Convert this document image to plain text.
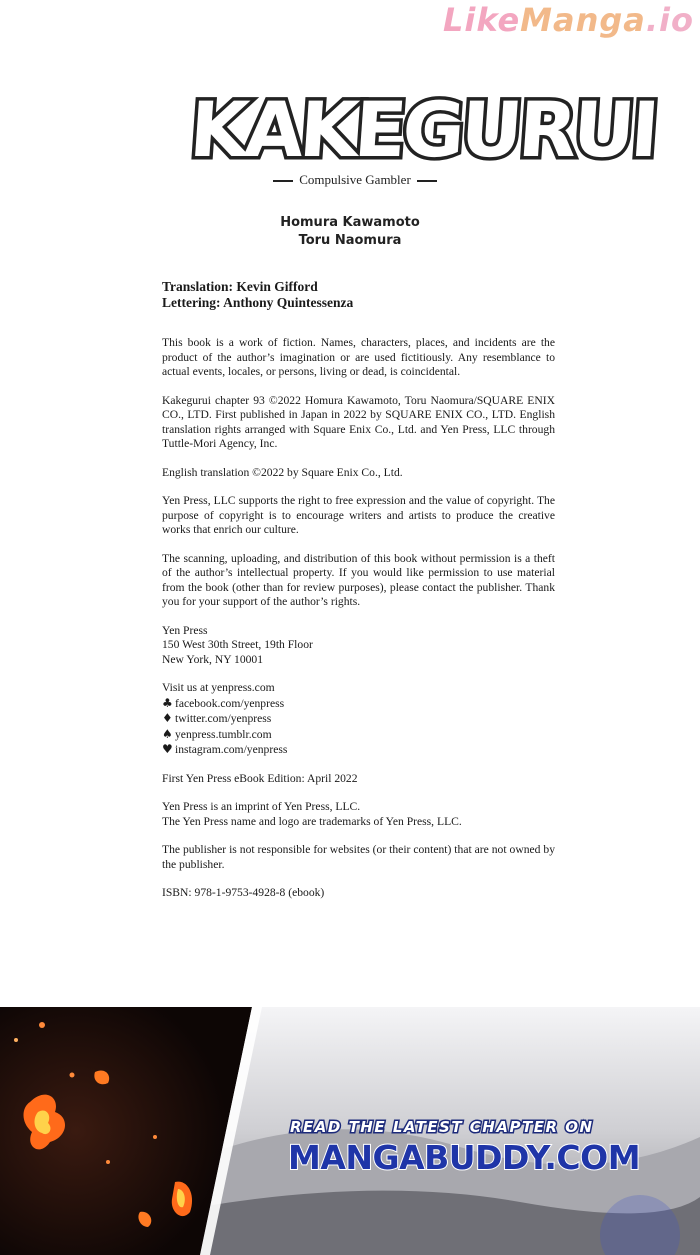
LikeManga.io
KAKEGURUI
Compulsive Gambler
Homura Kawamoto
Toru Naomura
Translation: Kevin Gifford
Lettering: Anthony Quintessenza

This book is a work of fiction. Names, characters, places, and incidents are the product of the author’s imagination or are used fictitiously. Any resemblance to actual events, locales, or persons, living or dead, is coincidental.

Kakegurui chapter 93 ©2022 Homura Kawamoto, Toru Naomura/SQUARE ENIX CO., LTD. First published in Japan in 2022 by SQUARE ENIX CO., LTD. English translation rights arranged with Square Enix Co., Ltd. and Yen Press, LLC through Tuttle-Mori Agency, Inc.

English translation ©2022 by Square Enix Co., Ltd.

Yen Press, LLC supports the right to free expression and the value of copyright. The purpose of copyright is to encourage writers and artists to produce the creative works that enrich our culture.

The scanning, uploading, and distribution of this book without permission is a theft of the author’s intellectual property. If you would like permission to use material from the book (other than for review purposes), please contact the publisher. Thank you for your support of the author’s rights.

Yen Press
150 West 30th Street, 19th Floor
New York, NY 10001

Visit us at yenpress.com
♣ facebook.com/yenpress
♦ twitter.com/yenpress
♠ yenpress.tumblr.com
♥ instagram.com/yenpress

First Yen Press eBook Edition: April 2022

Yen Press is an imprint of Yen Press, LLC.
The Yen Press name and logo are trademarks of Yen Press, LLC.

The publisher is not responsible for websites (or their content) that are not owned by the publisher.

ISBN: 978-1-9753-4928-8 (ebook)

READ THE LATEST CHAPTER ON
MANGABUDDY.COM
